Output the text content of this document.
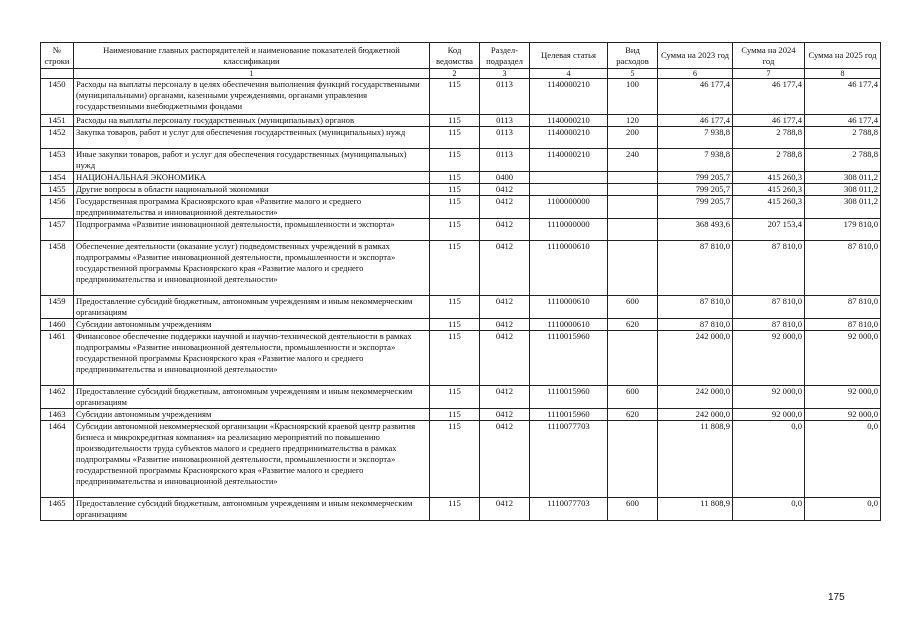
№ строки	Наименование главных распорядителей и наименование показателей бюджетной классификации	Код ведомства	Раздел-подраздел	Целевая статья	Вид расходов	Сумма на 2023 год	Сумма на 2024 год	Сумма на 2025 год
	1	2	3	4	5	6	7	8
1450	Расходы на выплаты персоналу в целях обеспечения выполнения функций государственными (муниципальными) органами, казенными учреждениями, органами управления государственными внебюджетными фондами	115	0113	1140000210	100	46 177,4	46 177,4	46 177,4
1451	Расходы на выплаты персоналу государственных (муниципальных) органов	115	0113	1140000210	120	46 177,4	46 177,4	46 177,4
1452	Закупка товаров, работ и услуг для обеспечения государственных (муниципальных) нужд	115	0113	1140000210	200	7 938,8	2 788,8	2 788,8
1453	Иные закупки товаров, работ и услуг для обеспечения государственных (муниципальных) нужд	115	0113	1140000210	240	7 938,8	2 788,8	2 788,8
1454	НАЦИОНАЛЬНАЯ ЭКОНОМИКА	115	0400			799 205,7	415 260,3	308 011,2
1455	Другие вопросы в области национальной экономики	115	0412			799 205,7	415 260,3	308 011,2
1456	Государственная программа Красноярского края «Развитие малого и среднего предпринимательства и инновационной деятельности»	115	0412	1100000000		799 205,7	415 260,3	308 011,2
1457	Подпрограмма «Развитие инновационной деятельности, промышленности и экспорта»	115	0412	1110000000		368 493,6	207 153,4	179 810,0
1458	Обеспечение деятельности (оказание услуг) подведомственных учреждений в рамках подпрограммы «Развитие инновационной деятельности, промышленности и экспорта» государственной программы Красноярского края «Развитие малого и среднего предпринимательства и инновационной деятельности»	115	0412	1110000610		87 810,0	87 810,0	87 810,0
1459	Предоставление субсидий бюджетным, автономным учреждениям и иным некоммерческим организациям	115	0412	1110000610	600	87 810,0	87 810,0	87 810,0
1460	Субсидии автономным учреждениям	115	0412	1110000610	620	87 810,0	87 810,0	87 810,0
1461	Финансовое обеспечение поддержки научной и научно-технической деятельности в рамках подпрограммы «Развитие инновационной деятельности, промышленности и экспорта» государственной программы Красноярского края «Развитие малого и среднего предпринимательства и инновационной деятельности»	115	0412	1110015960		242 000,0	92 000,0	92 000,0
1462	Предоставление субсидий бюджетным, автономным учреждениям и иным некоммерческим организациям	115	0412	1110015960	600	242 000,0	92 000,0	92 000,0
1463	Субсидии автономным учреждениям	115	0412	1110015960	620	242 000,0	92 000,0	92 000,0
1464	Субсидии автономной некоммерческой организации «Красноярский краевой центр развития бизнеса и микрокредитная компания» на реализацию мероприятий по повышению производительности труда субъектов малого и среднего предпринимательства в рамках подпрограммы «Развитие инновационной деятельности, промышленности и экспорта» государственной программы Красноярского края «Развитие малого и среднего предпринимательства и инновационной деятельности»	115	0412	1110077703		11 808,9	0,0	0,0
1465	Предоставление субсидий бюджетным, автономным учреждениям и иным некоммерческим организациям	115	0412	1110077703	600	11 808,9	0,0	0,0
175
